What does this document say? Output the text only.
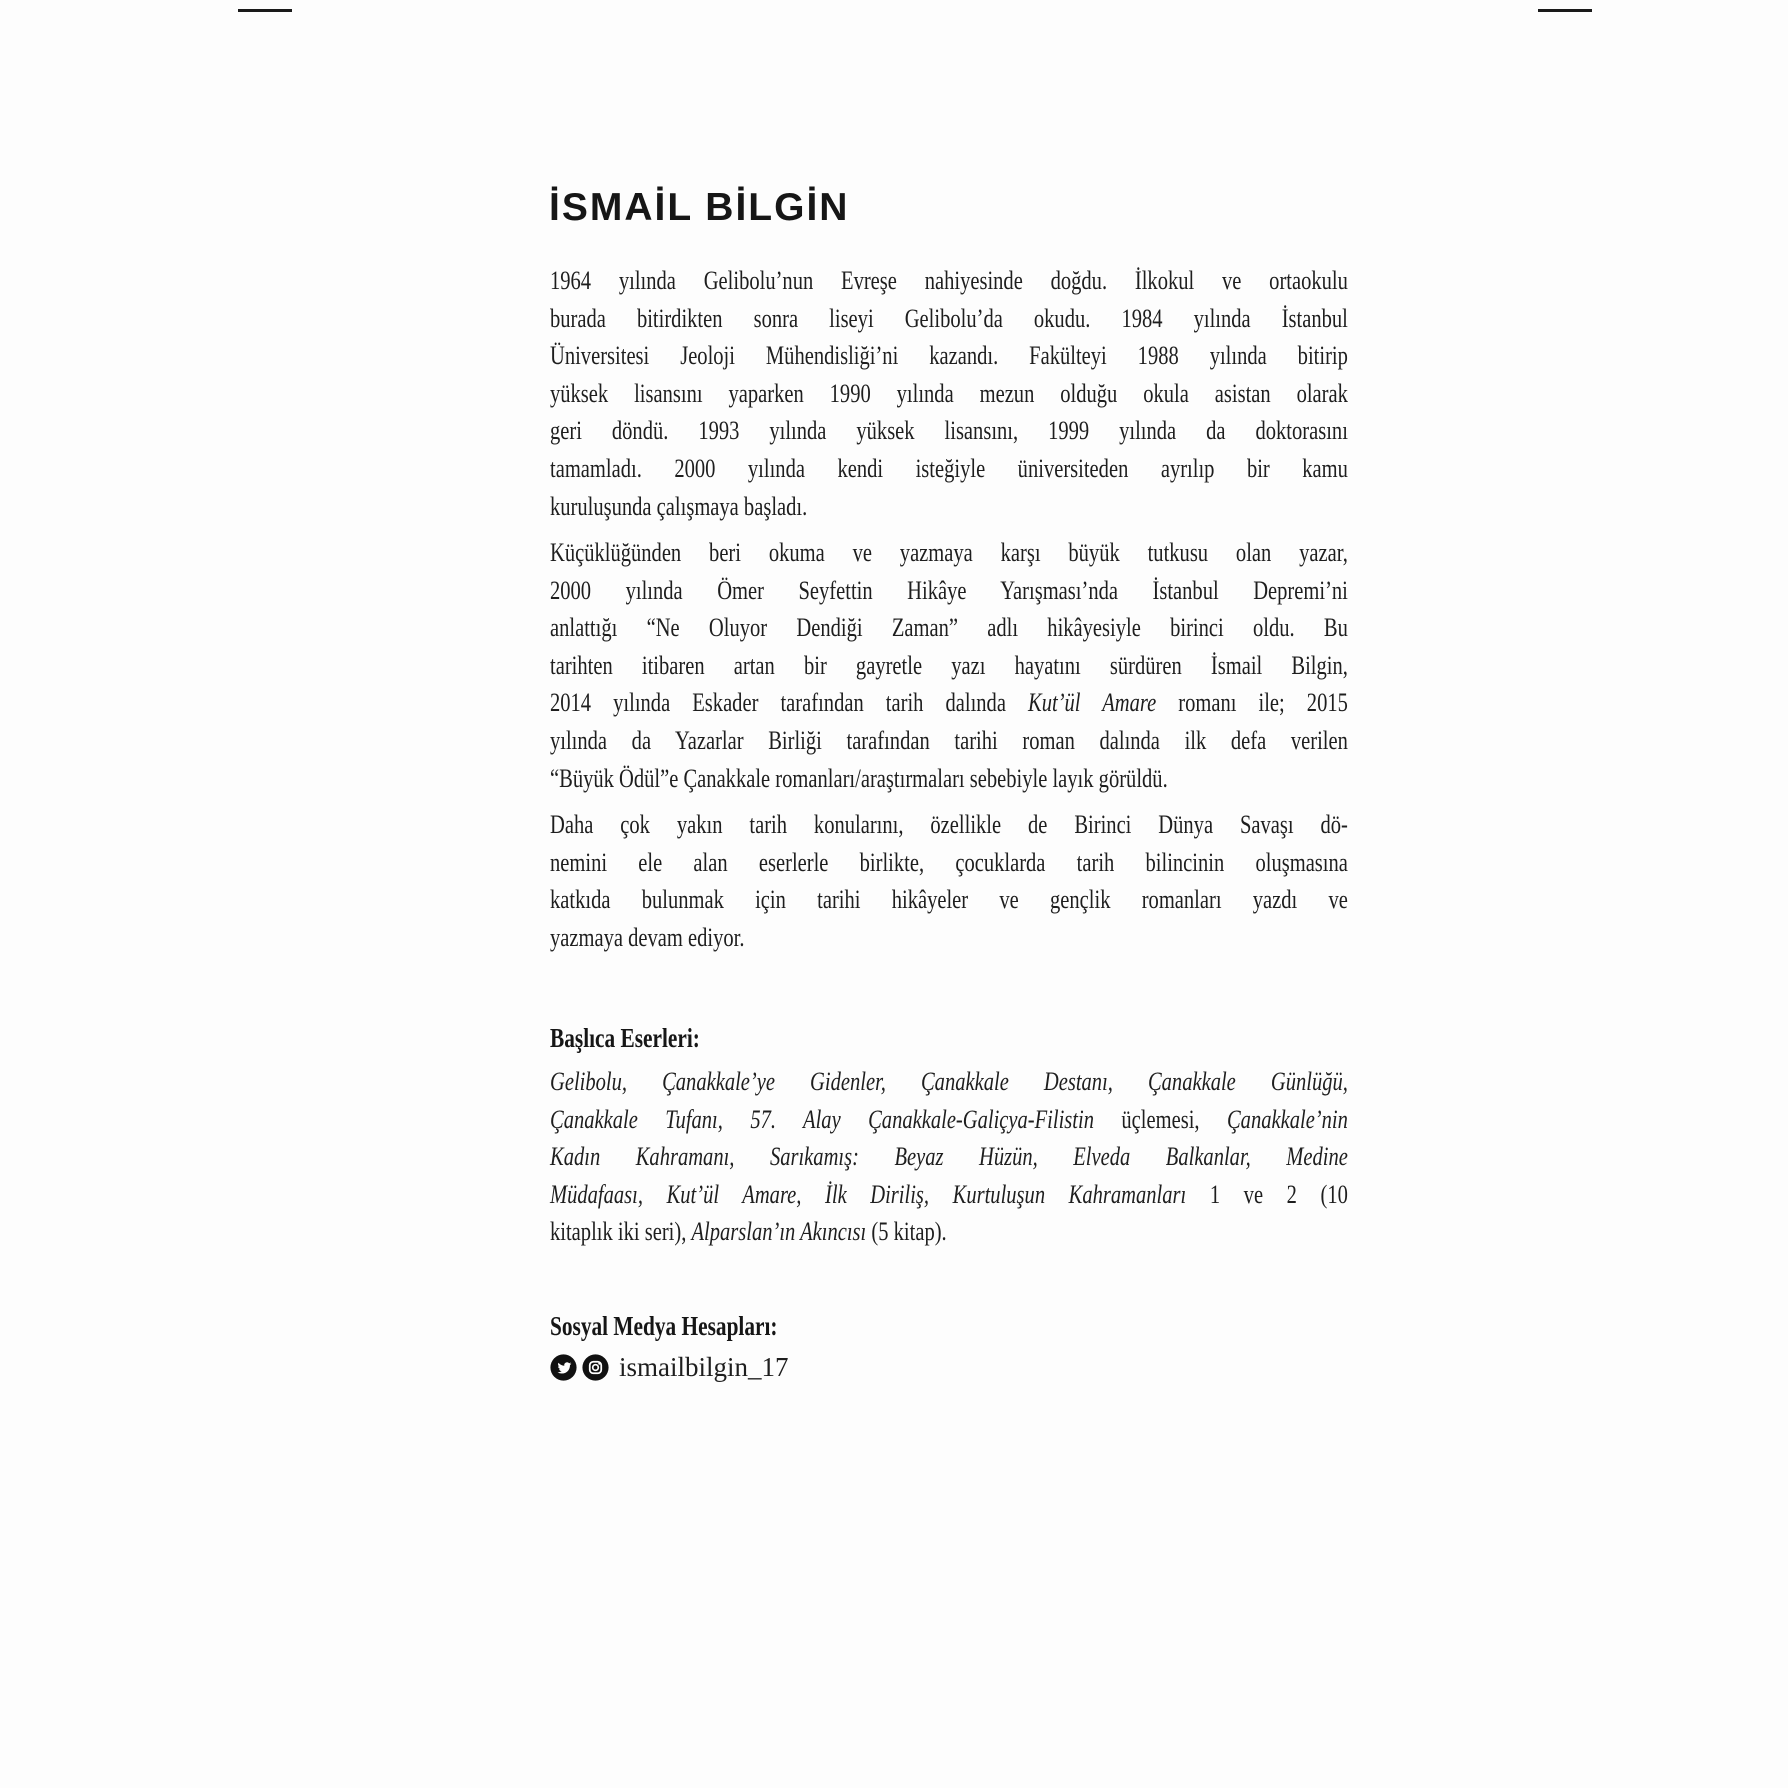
İSMAİL BİLGİN
1964 yılında Gelibolu’nun Evreşe nahiyesinde doğdu. İlkokul ve ortaokulu
burada bitirdikten sonra liseyi Gelibolu’da okudu. 1984 yılında İstanbul
Üniversitesi Jeoloji Mühendisliği’ni kazandı. Fakülteyi 1988 yılında bitirip
yüksek lisansını yaparken 1990 yılında mezun olduğu okula asistan olarak
geri döndü. 1993 yılında yüksek lisansını, 1999 yılında da doktorasını
tamamladı. 2000 yılında kendi isteğiyle üniversiteden ayrılıp bir kamu
kuruluşunda çalışmaya başladı.
Küçüklüğünden beri okuma ve yazmaya karşı büyük tutkusu olan yazar,
2000 yılında Ömer Seyfettin Hikâye Yarışması’nda İstanbul Depremi’ni
anlattığı “Ne Oluyor Dendiği Zaman” adlı hikâyesiyle birinci oldu. Bu
tarihten itibaren artan bir gayretle yazı hayatını sürdüren İsmail Bilgin,
2014 yılında Eskader tarafından tarih dalında Kut’ül Amare romanı ile; 2015
yılında da Yazarlar Birliği tarafından tarihi roman dalında ilk defa verilen
“Büyük Ödül”e Çanakkale romanları/araştırmaları sebebiyle layık görüldü.
Daha çok yakın tarih konularını, özellikle de Birinci Dünya Savaşı dö-
nemini ele alan eserlerle birlikte, çocuklarda tarih bilincinin oluşmasına
katkıda bulunmak için tarihi hikâyeler ve gençlik romanları yazdı ve
yazmaya devam ediyor.
Başlıca Eserleri:
Gelibolu, Çanakkale’ye Gidenler, Çanakkale Destanı, Çanakkale Günlüğü,
Çanakkale Tufanı, 57. Alay Çanakkale-Galiçya-Filistin üçlemesi, Çanakkale’nin
Kadın Kahramanı, Sarıkamış: Beyaz Hüzün, Elveda Balkanlar, Medine
Müdafaası, Kut’ül Amare, İlk Diriliş, Kurtuluşun Kahramanları 1 ve 2 (10
kitaplık iki seri), Alparslan’ın Akıncısı (5 kitap).
Sosyal Medya Hesapları:
ismailbilgin_17
